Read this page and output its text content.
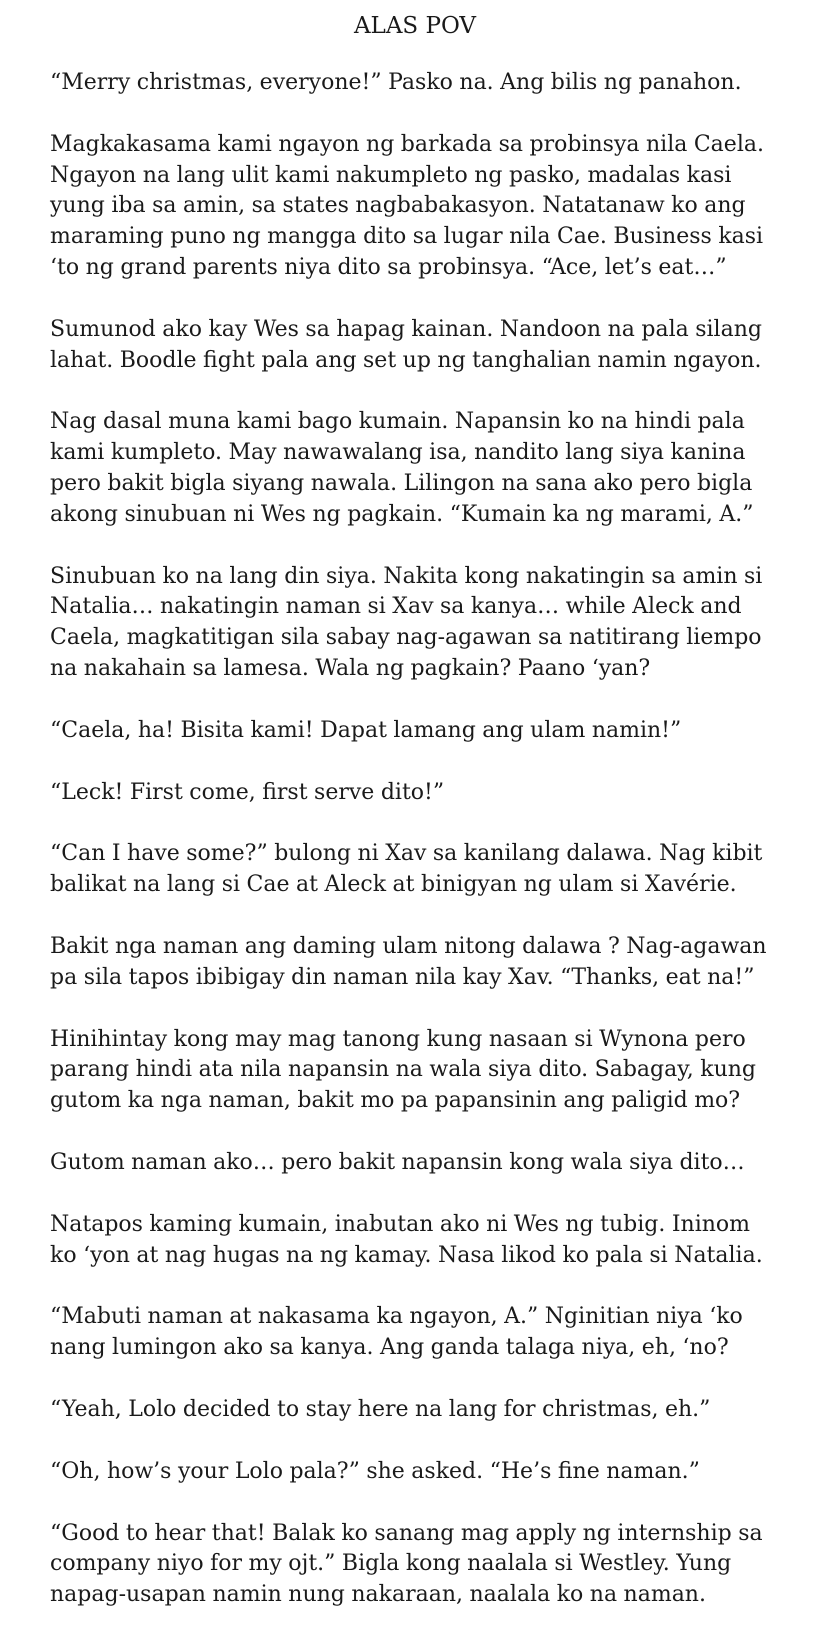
ALAS POV

“Merry christmas, everyone!” Pasko na. Ang bilis ng panahon.

Magkakasama kami ngayon ng barkada sa probinsya nila Caela. Ngayon na lang ulit kami nakumpleto ng pasko, madalas kasi yung iba sa amin, sa states nagbabakasyon. Natatanaw ko ang maraming puno ng mangga dito sa lugar nila Cae. Business kasi ‘to ng grand parents niya dito sa probinsya. “Ace, let’s eat…”

Sumunod ako kay Wes sa hapag kainan. Nandoon na pala silang lahat. Boodle fight pala ang set up ng tanghalian namin ngayon.

Nag dasal muna kami bago kumain. Napansin ko na hindi pala kami kumpleto. May nawawalang isa, nandito lang siya kanina pero bakit bigla siyang nawala. Lilingon na sana ako pero bigla akong sinubuan ni Wes ng pagkain. “Kumain ka ng marami, A.”

Sinubuan ko na lang din siya. Nakita kong nakatingin sa amin si Natalia… nakatingin naman si Xav sa kanya… while Aleck and Caela, magkatitigan sila sabay nag-agawan sa natitirang liempo na nakahain sa lamesa. Wala ng pagkain? Paano ‘yan?

“Caela, ha! Bisita kami! Dapat lamang ang ulam namin!”

“Leck! First come, first serve dito!”

“Can I have some?” bulong ni Xav sa kanilang dalawa. Nag kibit balikat na lang si Cae at Aleck at binigyan ng ulam si Xavérie.

Bakit nga naman ang daming ulam nitong dalawa ? Nag-agawan pa sila tapos ibibigay din naman nila kay Xav. “Thanks, eat na!”

Hinihintay kong may mag tanong kung nasaan si Wynona pero parang hindi ata nila napansin na wala siya dito. Sabagay, kung gutom ka nga naman, bakit mo pa papansinin ang paligid mo?

Gutom naman ako… pero bakit napansin kong wala siya dito…

Natapos kaming kumain, inabutan ako ni Wes ng tubig. Ininom ko ‘yon at nag hugas na ng kamay. Nasa likod ko pala si Natalia.

“Mabuti naman at nakasama ka ngayon, A.” Nginitian niya ‘ko nang lumingon ako sa kanya. Ang ganda talaga niya, eh, ‘no?

“Yeah, Lolo decided to stay here na lang for christmas, eh.”

“Oh, how’s your Lolo pala?” she asked. “He’s fine naman.”

“Good to hear that! Balak ko sanang mag apply ng internship sa company niyo for my ojt.” Bigla kong naalala si Westley. Yung napag-usapan namin nung nakaraan, naalala ko na naman.
